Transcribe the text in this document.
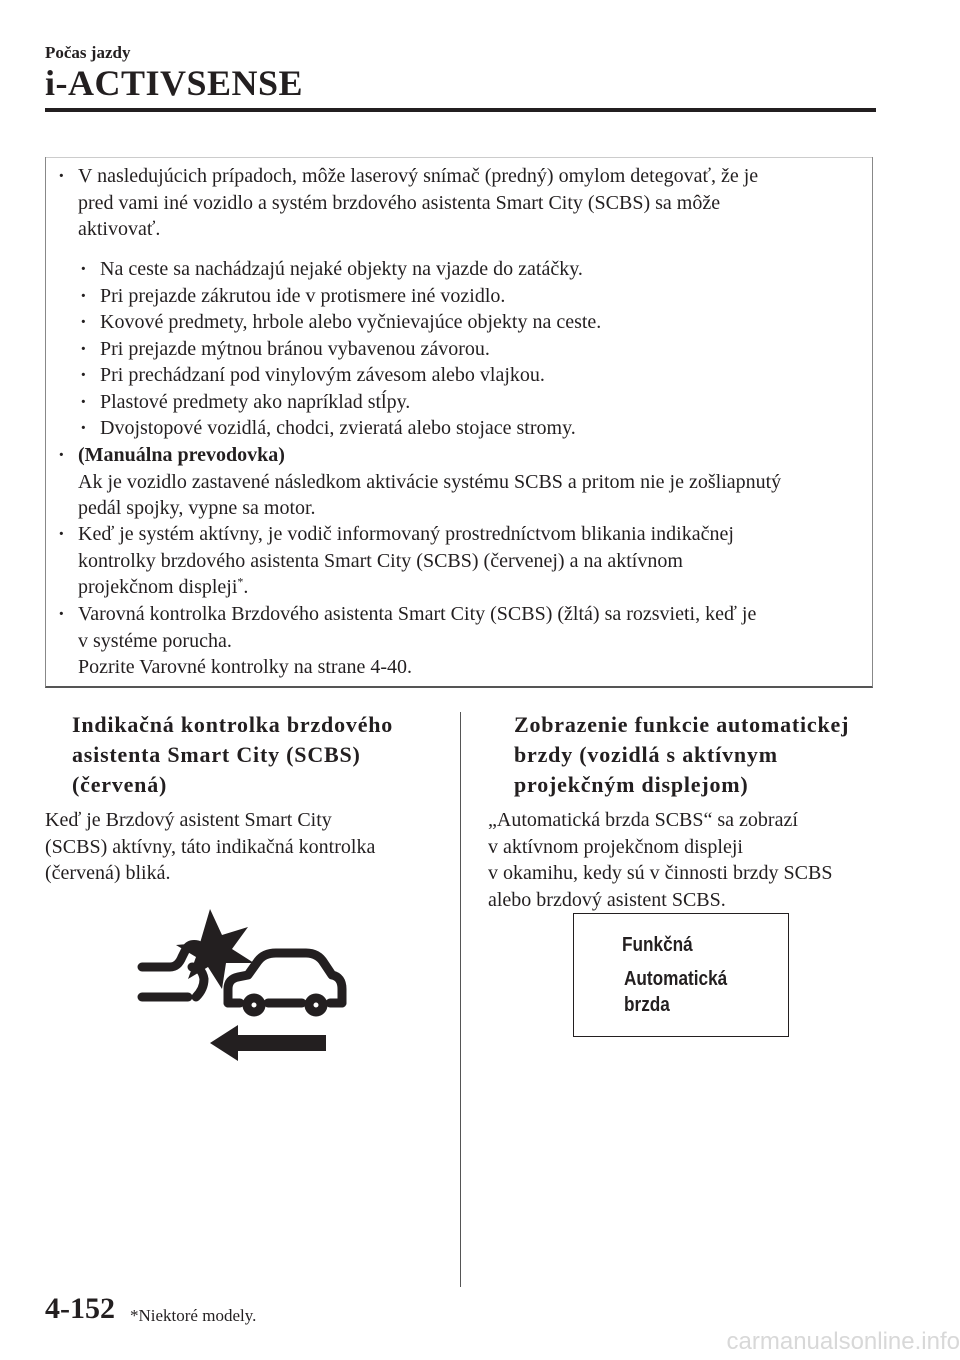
Počas jazdy
i-ACTIVSENSE
·
V nasledujúcich prípadoch, môže laserový snímač (predný) omylom detegovať, že je
pred vami iné vozidlo a systém brzdového asistenta Smart City (SCBS) sa môže
aktivovať.
·
Na ceste sa nachádzajú nejaké objekty na vjazde do zatáčky.
·
Pri prejazde zákrutou ide v protismere iné vozidlo.
·
Kovové predmety, hrbole alebo vyčnievajúce objekty na ceste.
·
Pri prejazde mýtnou bránou vybavenou závorou.
·
Pri prechádzaní pod vinylovým závesom alebo vlajkou.
·
Plastové predmety ako napríklad stĺpy.
·
Dvojstopové vozidlá, chodci, zvieratá alebo stojace stromy.
·
(Manuálna prevodovka)
Ak je vozidlo zastavené následkom aktivácie systému SCBS a pritom nie je zošliapnutý
pedál spojky, vypne sa motor.
·
Keď je systém aktívny, je vodič informovaný prostredníctvom blikania indikačnej
kontrolky brzdového asistenta Smart City (SCBS) (červenej) a na aktívnom
projekčnom displeji*.
·
Varovná kontrolka Brzdového asistenta Smart City (SCBS) (žltá) sa rozsvieti, keď je
v systéme porucha.
Pozrite Varovné kontrolky na strane 4-40.
Indikačná kontrolka brzdového
asistenta Smart City (SCBS)
(červená)
Keď je Brzdový asistent Smart City
(SCBS) aktívny, táto indikačná kontrolka
(červená) bliká.
Zobrazenie funkcie automatickej
brzdy (vozidlá s aktívnym
projekčným displejom)
„Automatická brzda SCBS“ sa zobrazí
v aktívnom projekčnom displeji
v okamihu, kedy sú v činnosti brzdy SCBS
alebo brzdový asistent SCBS.
Funkčná
Automatická
brzda
4-152 *Niektoré modely.
carmanualsonline.info
